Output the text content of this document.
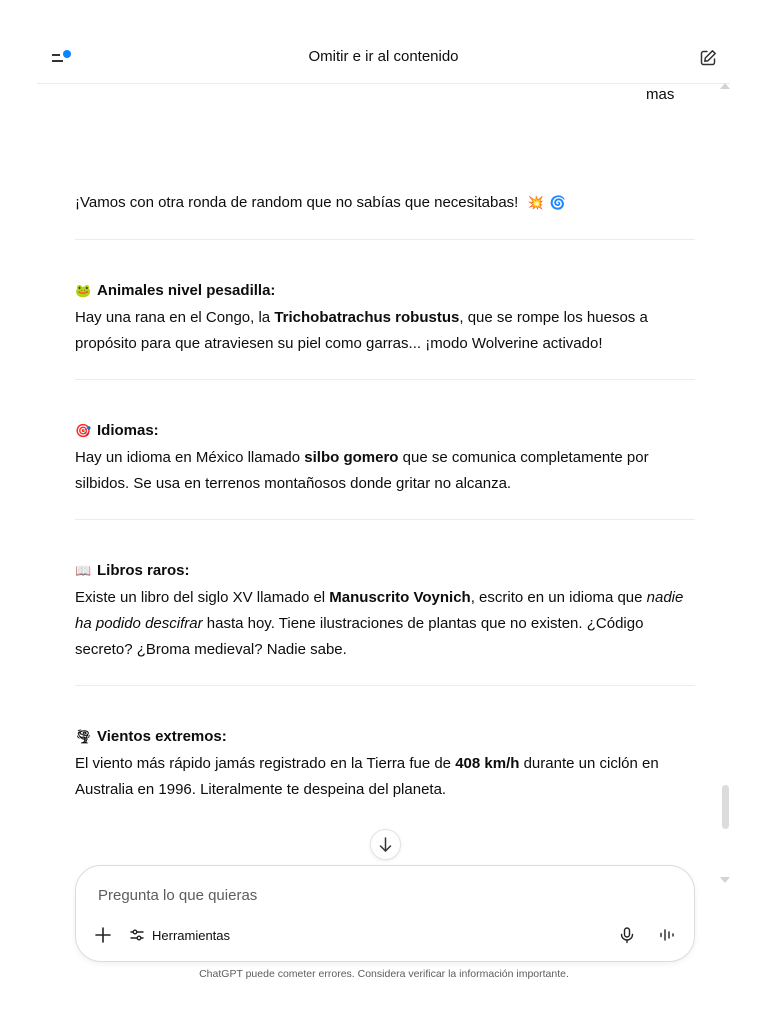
Omitir e ir al contenido
mas

¡Vamos con otra ronda de random que no sabías que necesitabas! 💥 🌀

🐸 Animales nivel pesadilla:

Hay una rana en el Congo, la Trichobatrachus robustus, que se rompe los huesos a propósito para que atraviesen su piel como garras... ¡modo Wolverine activado!

🎯 Idiomas:

Hay un idioma en México llamado silbo gomero que se comunica completamente por silbidos. Se usa en terrenos montañosos donde gritar no alcanza.

📖 Libros raros:

Existe un libro del siglo XV llamado el Manuscrito Voynich, escrito en un idioma que nadie ha podido descifrar hasta hoy. Tiene ilustraciones de plantas que no existen. ¿Código secreto? ¿Broma medieval? Nadie sabe.

🌪 Vientos extremos:

El viento más rápido jamás registrado en la Tierra fue de 408 km/h durante un ciclón en Australia en 1996. Literalmente te despeina del planeta.

Pregunta lo que quieras
Herramientas
ChatGPT puede cometer errores. Considera verificar la información importante.
